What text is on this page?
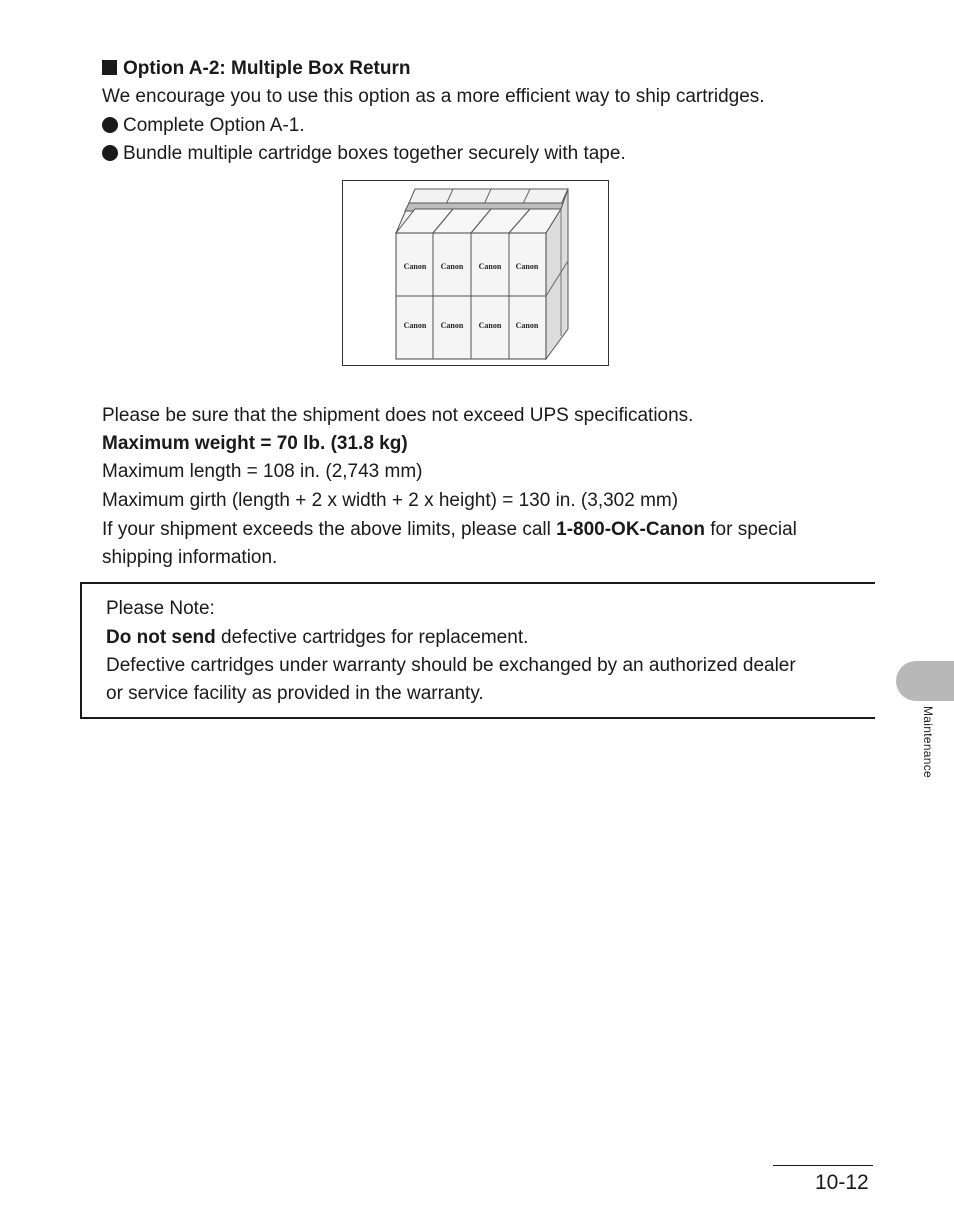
Option A-2: Multiple Box Return
We encourage you to use this option as a more efficient way to ship cartridges.
Complete Option A-1.
Bundle multiple cartridge boxes together securely with tape.
Canon Canon Canon Canon
Canon Canon Canon Canon
Please be sure that the shipment does not exceed UPS specifications.
Maximum weight = 70 lb. (31.8 kg)
Maximum length = 108 in. (2,743 mm)
Maximum girth (length + 2 x width + 2 x height) = 130 in. (3,302 mm)
If your shipment exceeds the above limits, please call 1-800-OK-Canon for special
shipping information.
Please Note:
Do not send defective cartridges for replacement.
Defective cartridges under warranty should be exchanged by an authorized dealer
or service facility as provided in the warranty.
Maintenance
10-12
